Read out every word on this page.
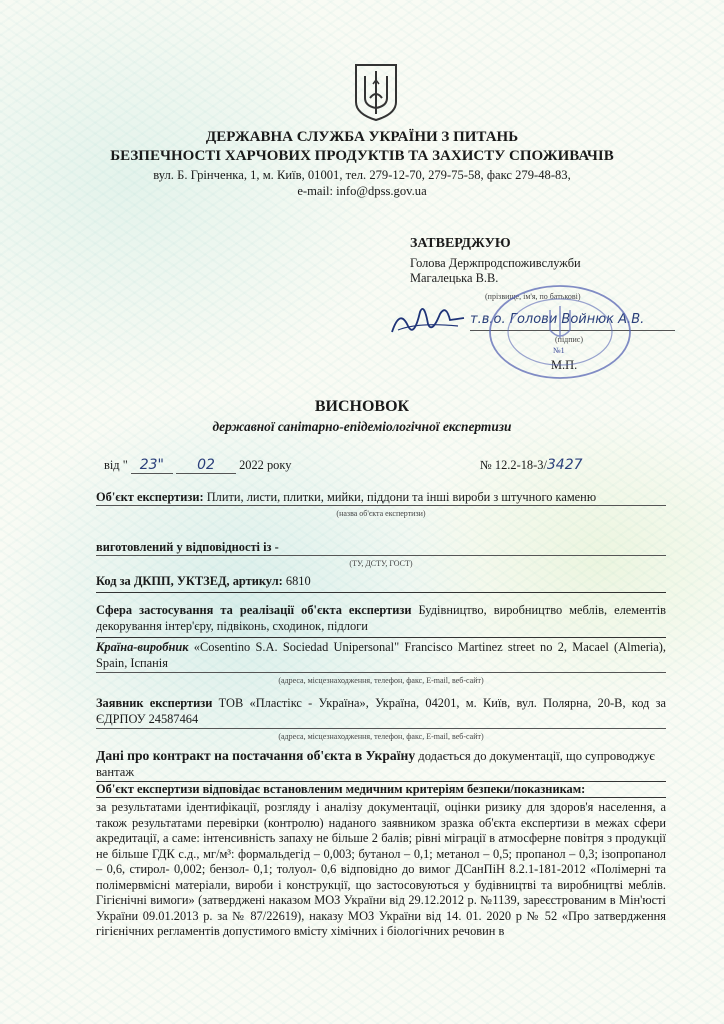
ДЕРЖАВНА СЛУЖБА УКРАЇНИ З ПИТАНЬ
БЕЗПЕЧНОСТІ ХАРЧОВИХ ПРОДУКТІВ ТА ЗАХИСТУ СПОЖИВАЧІВ
вул. Б. Грінченка, 1, м. Київ, 01001, тел. 279-12-70, 279-75-58, факс 279-48-83,
e-mail: info@dpss.gov.ua
ЗАТВЕРДЖУЮ
Голова Держпродспоживслужби
Магалецька В.В.
(прізвище, ім'я, по батькові)
т.в.о. Голови Войнюк А.В.
(підпис)
М.П.
№1
ВИСНОВОК
державної санітарно-епідеміологічної експертизи
від " 23" 02 2022 року	№ 12.2-18-3/3427
Об'єкт експертизи: Плити, листи, плитки, мийки, піддони та інші вироби з штучного каменю
(назва об'єкта експертизи)
виготовлений у відповідності із -
(ТУ, ДСТУ, ГОСТ)
Код за ДКПП, УКТЗЕД, артикул: 6810
Сфера застосування та реалізації об'єкта експертизи Будівництво, виробництво меблів, елементів декорування інтер'єру, підвіконь, сходинок, підлоги
Країна-виробник «Cosentino S.A. Sociedad Unipersonal" Francisco Martinez street no 2, Macael (Almeria), Spain, Іспанія
(адреса, місцезнаходження, телефон, факс, E-mail, веб-сайт)
Заявник експертизи ТОВ «Пластікс - Україна», Україна, 04201, м. Київ, вул. Полярна, 20-В, код за ЄДРПОУ 24587464
(адреса, місцезнаходження, телефон, факс, E-mail, веб-сайт)
Дані про контракт на постачання об'єкта в Україну додається до документації, що супроводжує вантаж
Об'єкт експертизи відповідає встановленим медичним критеріям безпеки/показникам:
за результатами ідентифікації, розгляду і аналізу документації, оцінки ризику для здоров'я населення, а також результатами перевірки (контролю) наданого заявником зразка об'єкта експертизи в межах сфери акредитації, а саме: інтенсивність запаху не більше 2 балів; рівні міграції в атмосферне повітря з продукції не більше ГДК с.д., мг/м³: формальдегід – 0,003; бутанол – 0,1; метанол – 0,5; пропанол – 0,3; ізопропанол – 0,6, стирол- 0,002; бензол- 0,1; толуол- 0,6 відповідно до вимог ДСанПіН 8.2.1-181-2012 «Полімерні та полімервмісні матеріали, вироби і конструкції, що застосовуються у будівництві та виробництві меблів. Гігієнічні вимоги» (затверджені наказом МОЗ України від 29.12.2012 р. №1139, зареєстрованим в Мін'юсті України 09.01.2013 р. за № 87/22619), наказу МОЗ України від 14. 01. 2020 р № 52 «Про затвердження гігієнічних регламентів допустимого вмісту хімічних і біологічних речовин в
